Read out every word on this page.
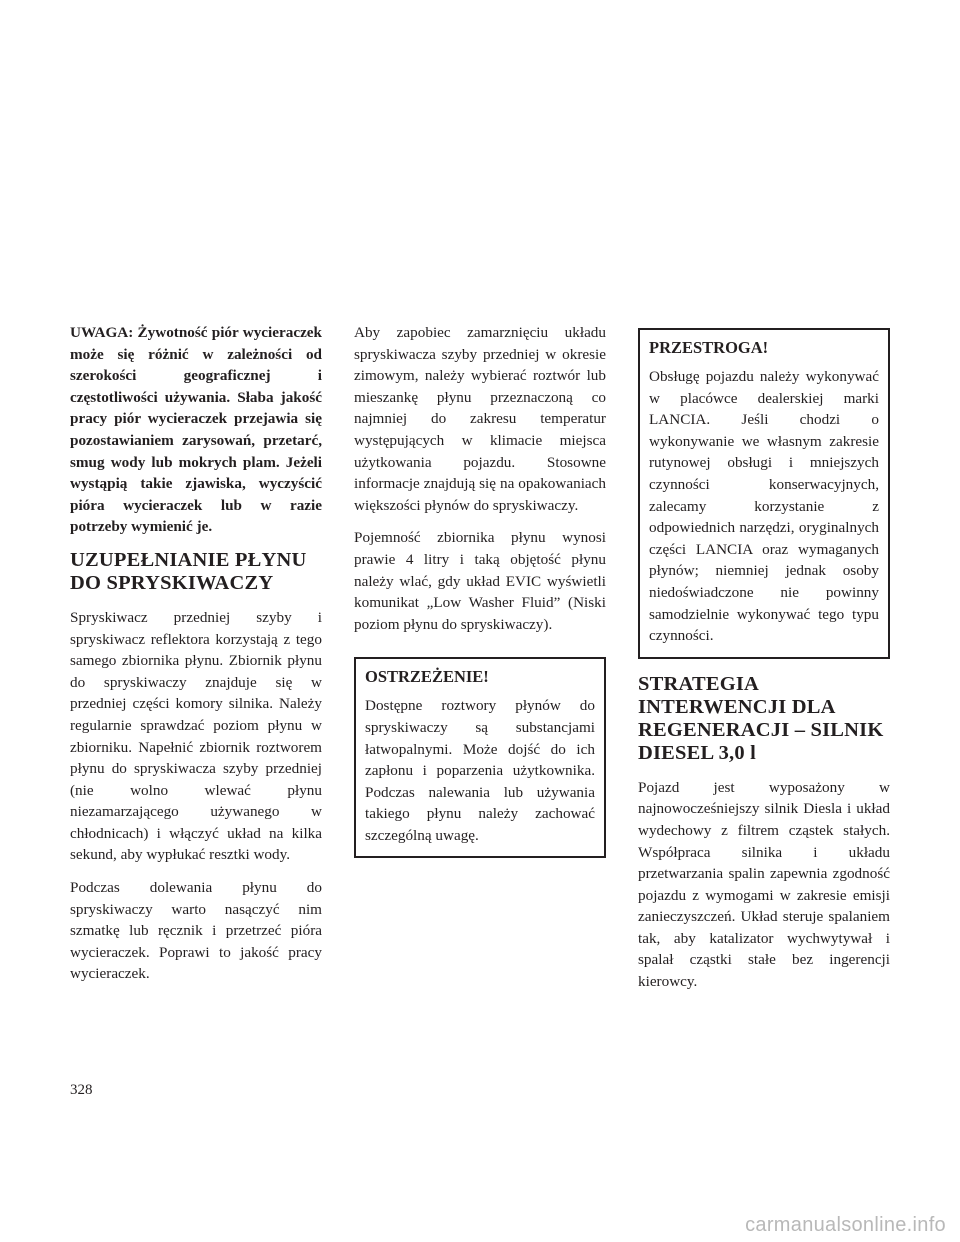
UWAGA: Żywotność piór wycieraczek może się różnić w zależności od szerokości geograficznej i częstotliwości używania. Słaba jakość pracy piór wycieraczek przejawia się pozostawianiem zarysowań, przetarć, smug wody lub mokrych plam. Jeżeli wystąpią takie zjawiska, wyczyścić pióra wycieraczek lub w razie potrzeby wymienić je.

UZUPEŁNIANIE PŁYNU DO SPRYSKIWACZY

Spryskiwacz przedniej szyby i spryskiwacz reflektora korzystają z tego samego zbiornika płynu. Zbiornik płynu do spryskiwaczy znajduje się w przedniej części komory silnika. Należy regularnie sprawdzać poziom płynu w zbiorniku. Napełnić zbiornik roztworem płynu do spryskiwacza szyby przedniej (nie wolno wlewać płynu niezamarzającego używanego w chłodnicach) i włączyć układ na kilka sekund, aby wypłukać resztki wody.

Podczas dolewania płynu do spryskiwaczy warto nasączyć nim szmatkę lub ręcznik i przetrzeć pióra wycieraczek. Poprawi to jakość pracy wycieraczek.

Aby zapobiec zamarznięciu układu spryskiwacza szyby przedniej w okresie zimowym, należy wybierać roztwór lub mieszankę płynu przeznaczoną co najmniej do zakresu temperatur występujących w klimacie miejsca użytkowania pojazdu. Stosowne informacje znajdują się na opakowaniach większości płynów do spryskiwaczy.

Pojemność zbiornika płynu wynosi prawie 4 litry i taką objętość płynu należy wlać, gdy układ EVIC wyświetli komunikat „Low Washer Fluid” (Niski poziom płynu do spryskiwaczy).

OSTRZEŻENIE!

Dostępne roztwory płynów do spryskiwaczy są substancjami łatwopalnymi. Może dojść do ich zapłonu i poparzenia użytkownika. Podczas nalewania lub używania takiego płynu należy zachować szczególną uwagę.

PRZESTROGA!

Obsługę pojazdu należy wykonywać w placówce dealerskiej marki LANCIA. Jeśli chodzi o wykonywanie we własnym zakresie rutynowej obsługi i mniejszych czynności konserwacyjnych, zalecamy korzystanie z odpowiednich narzędzi, oryginalnych części LANCIA oraz wymaganych płynów; niemniej jednak osoby niedoświadczone nie powinny samodzielnie wykonywać tego typu czynności.

STRATEGIA INTERWENCJI DLA REGENERACJI – SILNIK DIESEL 3,0 l

Pojazd jest wyposażony w najnowocześniejszy silnik Diesla i układ wydechowy z filtrem cząstek stałych. Współpraca silnika i układu przetwarzania spalin zapewnia zgodność pojazdu z wymogami w zakresie emisji zanieczyszczeń. Układ steruje spalaniem tak, aby katalizator wychwytywał i spalał cząstki stałe bez ingerencji kierowcy.

328
carmanualsonline.info
